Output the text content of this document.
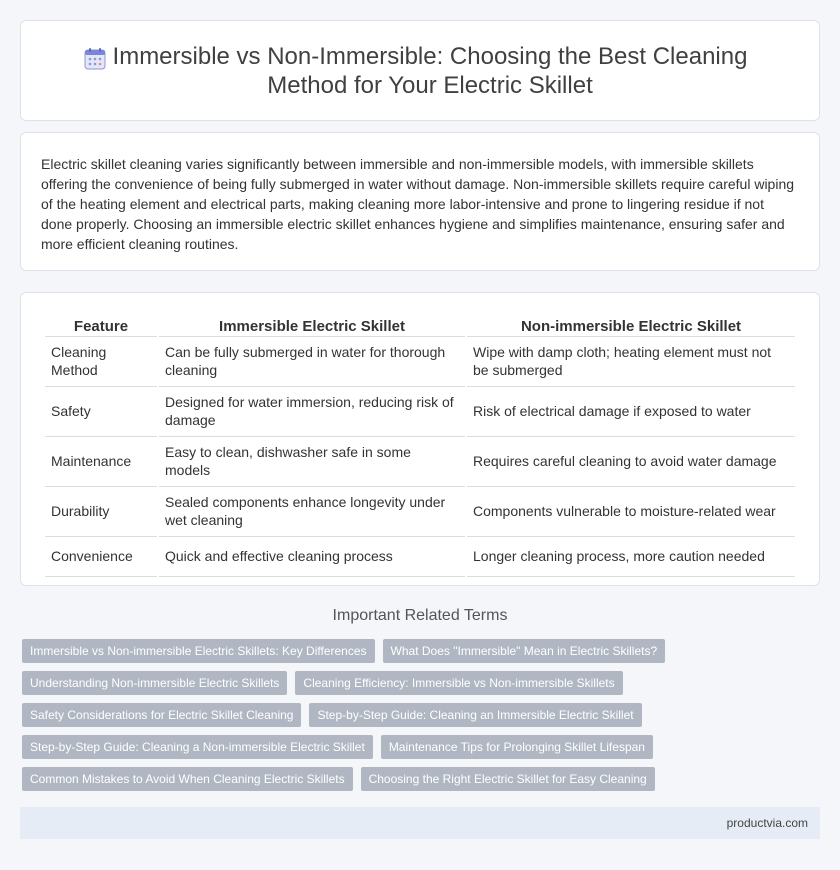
Immersible vs Non-Immersible: Choosing the Best Cleaning Method for Your Electric Skillet

Electric skillet cleaning varies significantly between immersible and non-immersible models, with immersible skillets offering the convenience of being fully submerged in water without damage. Non-immersible skillets require careful wiping of the heating element and electrical parts, making cleaning more labor-intensive and prone to lingering residue if not done properly. Choosing an immersible electric skillet enhances hygiene and simplifies maintenance, ensuring safer and more efficient cleaning routines.

Feature	Immersible Electric Skillet	Non-immersible Electric Skillet
Cleaning Method	Can be fully submerged in water for thorough cleaning	Wipe with damp cloth; heating element must not be submerged
Safety	Designed for water immersion, reducing risk of damage	Risk of electrical damage if exposed to water
Maintenance	Easy to clean, dishwasher safe in some models	Requires careful cleaning to avoid water damage
Durability	Sealed components enhance longevity under wet cleaning	Components vulnerable to moisture-related wear
Convenience	Quick and effective cleaning process	Longer cleaning process, more caution needed
Important Related Terms
Immersible vs Non-immersible Electric Skillets: Key Differences	What Does "Immersible" Mean in Electric Skillets?
Understanding Non-immersible Electric Skillets	Cleaning Efficiency: Immersible vs Non-immersible Skillets
Safety Considerations for Electric Skillet Cleaning	Step-by-Step Guide: Cleaning an Immersible Electric Skillet
Step-by-Step Guide: Cleaning a Non-immersible Electric Skillet	Maintenance Tips for Prolonging Skillet Lifespan
Common Mistakes to Avoid When Cleaning Electric Skillets	Choosing the Right Electric Skillet for Easy Cleaning
productvia.com
